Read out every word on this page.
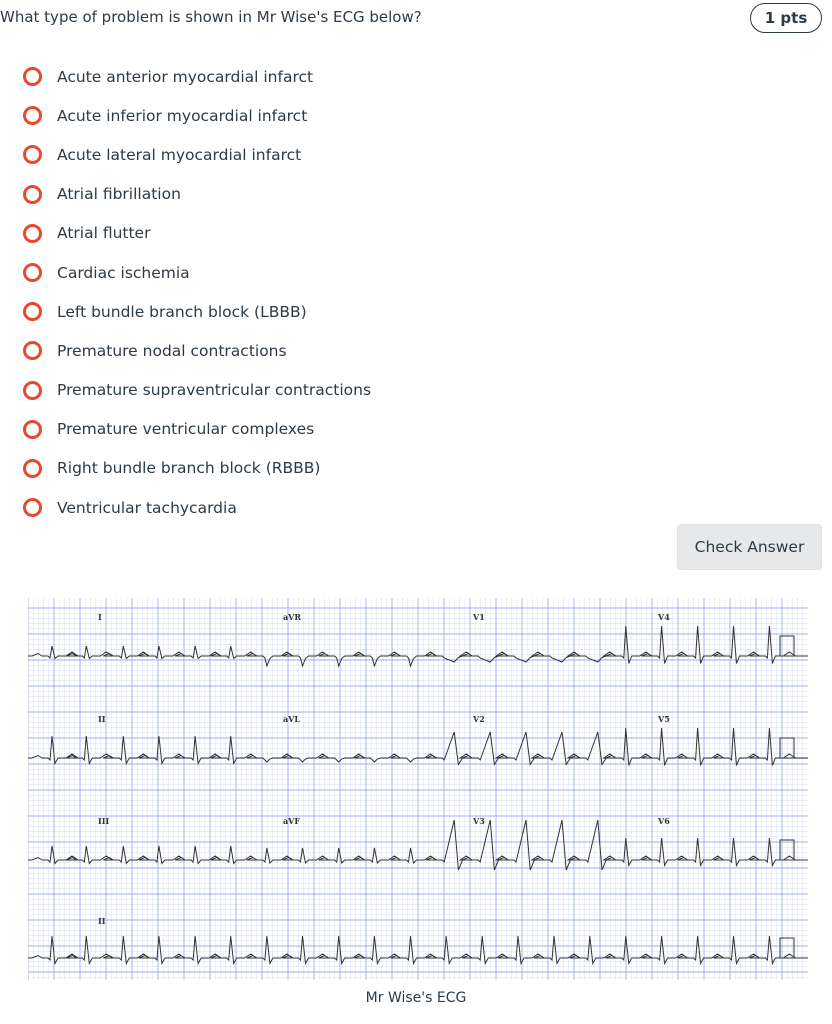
What type of problem is shown in Mr Wise's ECG below?	1 pts
Acute anterior myocardial infarct
Acute inferior myocardial infarct
Acute lateral myocardial infarct
Atrial fibrillation
Atrial flutter
Cardiac ischemia
Left bundle branch block (LBBB)
Premature nodal contractions
Premature supraventricular contractions
Premature ventricular complexes
Right bundle branch block (RBBB)
Ventricular tachycardia
Check Answer
I	aVR	V1	V4
II	aVL	V2	V5
III	aVF	V3	V6
II
Mr Wise's ECG
